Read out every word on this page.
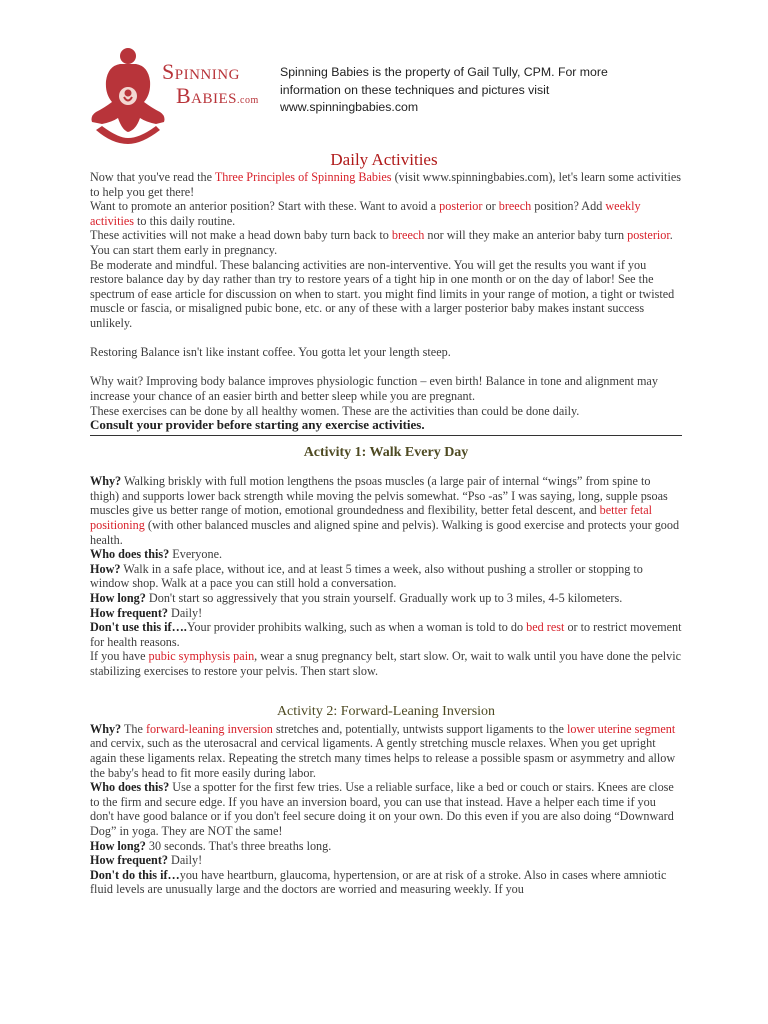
Spinning
Babies.com
Spinning Babies is the property of Gail Tully, CPM. For more information on these techniques and pictures visit www.spinningbabies.com
Daily Activities

Now that you've read the Three Principles of Spinning Babies (visit www.spinningbabies.com), let's learn some activities to help you get there!

Want to promote an anterior position? Start with these. Want to avoid a posterior or breech position? Add weekly activities to this daily routine.

These activities will not make a head down baby turn back to breech nor will they make an anterior baby turn posterior. You can start them early in pregnancy.

Be moderate and mindful. These balancing activities are non-interventive. You will get the results you want if you restore balance day by day rather than try to restore years of a tight hip in one month or on the day of labor! See the spectrum of ease article for discussion on when to start. you might find limits in your range of motion, a tight or twisted muscle or fascia, or misaligned pubic bone, etc. or any of these with a larger posterior baby makes instant success unlikely.

Restoring Balance isn't like instant coffee. You gotta let your length steep.

Why wait? Improving body balance improves physiologic function – even birth! Balance in tone and alignment may increase your chance of an easier birth and better sleep while you are pregnant.

These exercises can be done by all healthy women. These are the activities than could be done daily.

Consult your provider before starting any exercise activities.

Activity 1: Walk Every Day

Why? Walking briskly with full motion lengthens the psoas muscles (a large pair of internal “wings” from spine to thigh) and supports lower back strength while moving the pelvis somewhat. “Pso -as” I was saying, long, supple psoas muscles give us better range of motion, emotional groundedness and flexibility, better fetal descent, and better fetal positioning (with other balanced muscles and aligned spine and pelvis). Walking is good exercise and protects your good health.

Who does this? Everyone.

How? Walk in a safe place, without ice, and at least 5 times a week, also without pushing a stroller or stopping to window shop. Walk at a pace you can still hold a conversation.

How long? Don't start so aggressively that you strain yourself. Gradually work up to 3 miles, 4-5 kilometers.

How frequent? Daily!

Don't use this if….Your provider prohibits walking, such as when a woman is told to do bed rest or to restrict movement for health reasons.

If you have pubic symphysis pain, wear a snug pregnancy belt, start slow. Or, wait to walk until you have done the pelvic stabilizing exercises to restore your pelvis. Then start slow.

Activity 2: Forward-Leaning Inversion

Why? The forward-leaning inversion stretches and, potentially, untwists support ligaments to the lower uterine segment and cervix, such as the uterosacral and cervical ligaments. A gently stretching muscle relaxes. When you get upright again these ligaments relax. Repeating the stretch many times helps to release a possible spasm or asymmetry and allow the baby's head to fit more easily during labor.

Who does this? Use a spotter for the first few tries. Use a reliable surface, like a bed or couch or stairs. Knees are close to the firm and secure edge. If you have an inversion board, you can use that instead. Have a helper each time if you don't have good balance or if you don't feel secure doing it on your own. Do this even if you are also doing “Downward Dog” in yoga. They are NOT the same!

How long? 30 seconds. That's three breaths long.

How frequent? Daily!

Don't do this if…you have heartburn, glaucoma, hypertension, or are at risk of a stroke. Also in cases where amniotic fluid levels are unusually large and the doctors are worried and measuring weekly. If you
